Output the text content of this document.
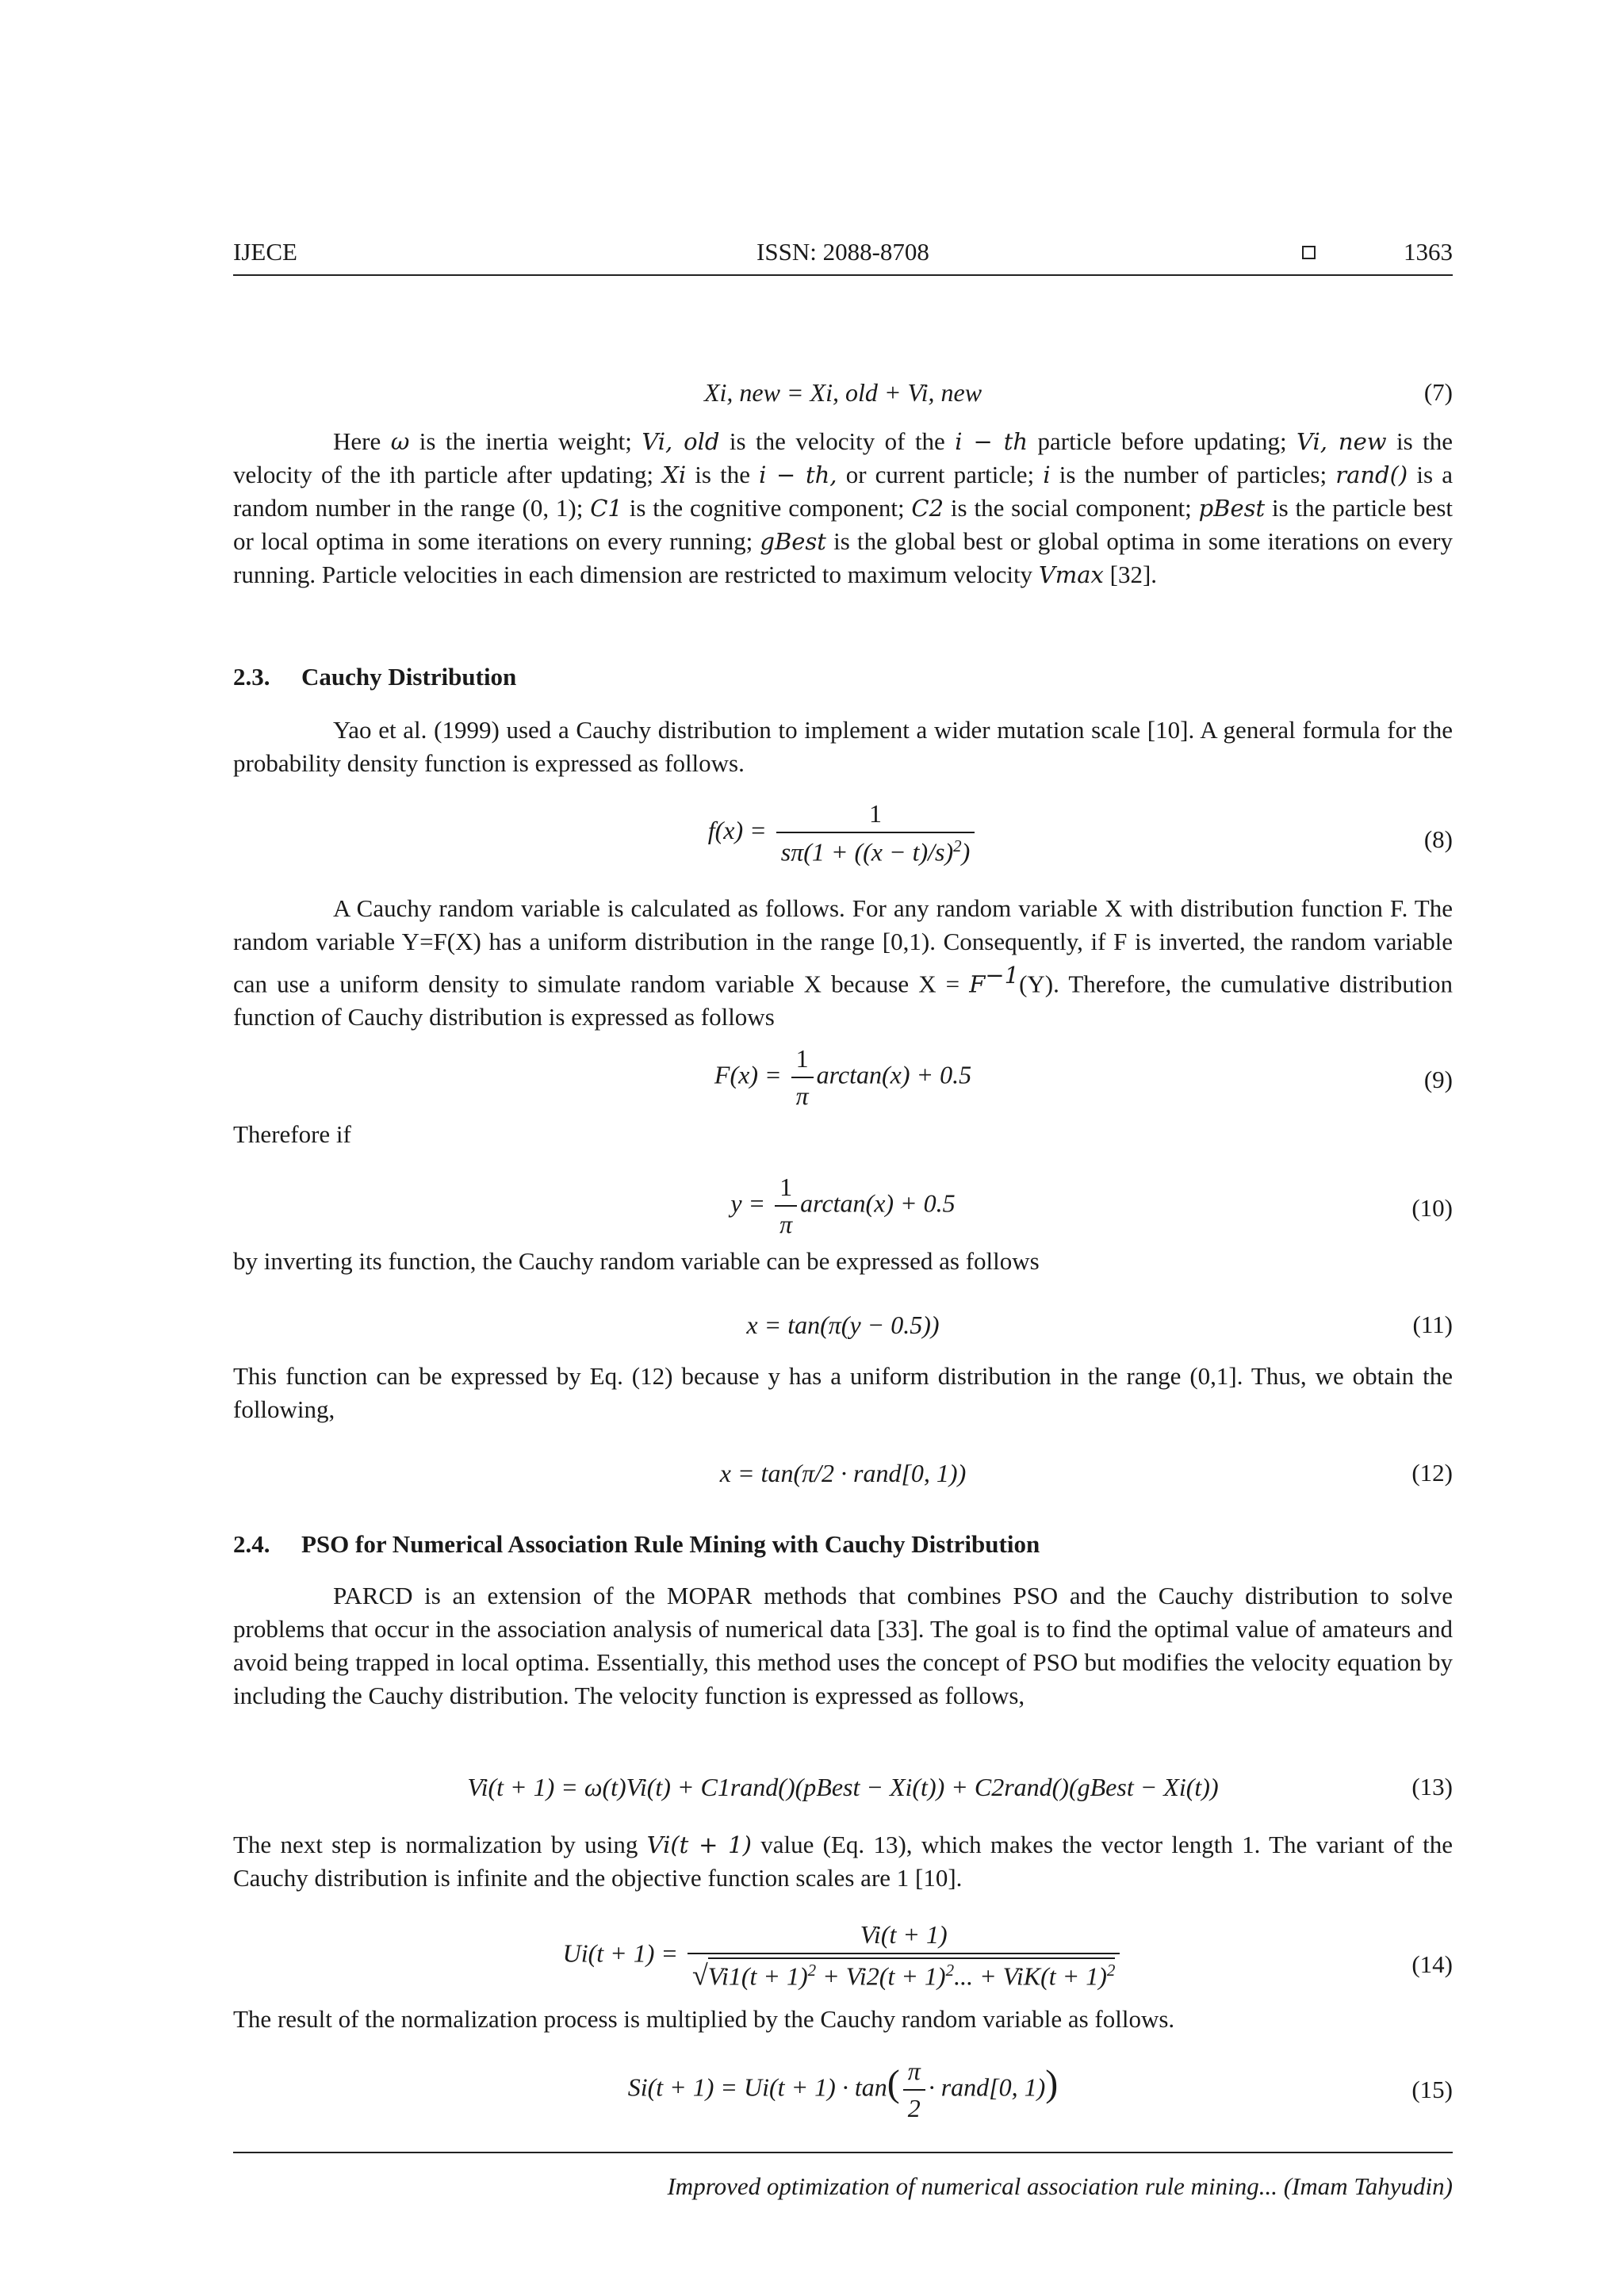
IJECE	ISSN: 2088-8708	1363
Xi, new = Xi, old + Vi, new	(7)

Here ω is the inertia weight; Vi, old is the velocity of the i − th particle before updating; Vi, new is the velocity of the ith particle after updating; Xi is the i − th, or current particle; i is the number of particles; rand() is a random number in the range (0, 1); C1 is the cognitive component; C2 is the social component; pBest is the particle best or local optima in some iterations on every running; gBest is the global best or global optima in some iterations on every running. Particle velocities in each dimension are restricted to maximum velocity Vmax [32].

2.3. Cauchy Distribution

Yao et al. (1999) used a Cauchy distribution to implement a wider mutation scale [10]. A general formula for the probability density function is expressed as follows.

$f(x) = \frac{1}{s\pi(1 + ((x - t)/s)^2)}$	(8)

A Cauchy random variable is calculated as follows. For any random variable X with distribution function F. The random variable Y=F(X) has a uniform distribution in the range [0,1). Consequently, if F is inverted, the random variable can use a uniform density to simulate random variable X because $X = F^{-1}(Y)$. Therefore, the cumulative distribution function of Cauchy distribution is expressed as follows

$F(x) = \frac{1}{\pi} \arctan(x) + 0.5$	(9)

Therefore if

$y = \frac{1}{\pi} \arctan(x) + 0.5$	(10)

by inverting its function, the Cauchy random variable can be expressed as follows

x = tan(π(y − 0.5))	(11)

This function can be expressed by Eq. (12) because y has a uniform distribution in the range (0,1]. Thus, we obtain the following,

x = tan(π/2 · rand[0, 1))	(12)
2.4. PSO for Numerical Association Rule Mining with Cauchy Distribution

PARCD is an extension of the MOPAR methods that combines PSO and the Cauchy distribution to solve problems that occur in the association analysis of numerical data [33]. The goal is to find the optimal value of amateurs and avoid being trapped in local optima. Essentially, this method uses the concept of PSO but modifies the velocity equation by including the Cauchy distribution. The velocity function is expressed as follows,

Vi(t + 1) = ω(t)Vi(t) + C1rand()(pBest − Xi(t)) + C2rand()(gBest − Xi(t))	(13)

The next step is normalization by using Vi(t + 1) value (Eq. 13), which makes the vector length 1. The variant of the Cauchy distribution is infinite and the objective function scales are 1 [10].

$Ui(t + 1) = \frac{Vi(t + 1)}{√Vi1(t + 1)^2 + Vi2(t + 1)^2... + ViK(t + 1)^2}$	(14)

The result of the normalization process is multiplied by the Cauchy random variable as follows.

$Si(t + 1) = Ui(t + 1) \cdot \tan( \frac{\pi}{2}$ · rand[0, 1))	(15)
Improved optimization of numerical association rule mining... (Imam Tahyudin)
